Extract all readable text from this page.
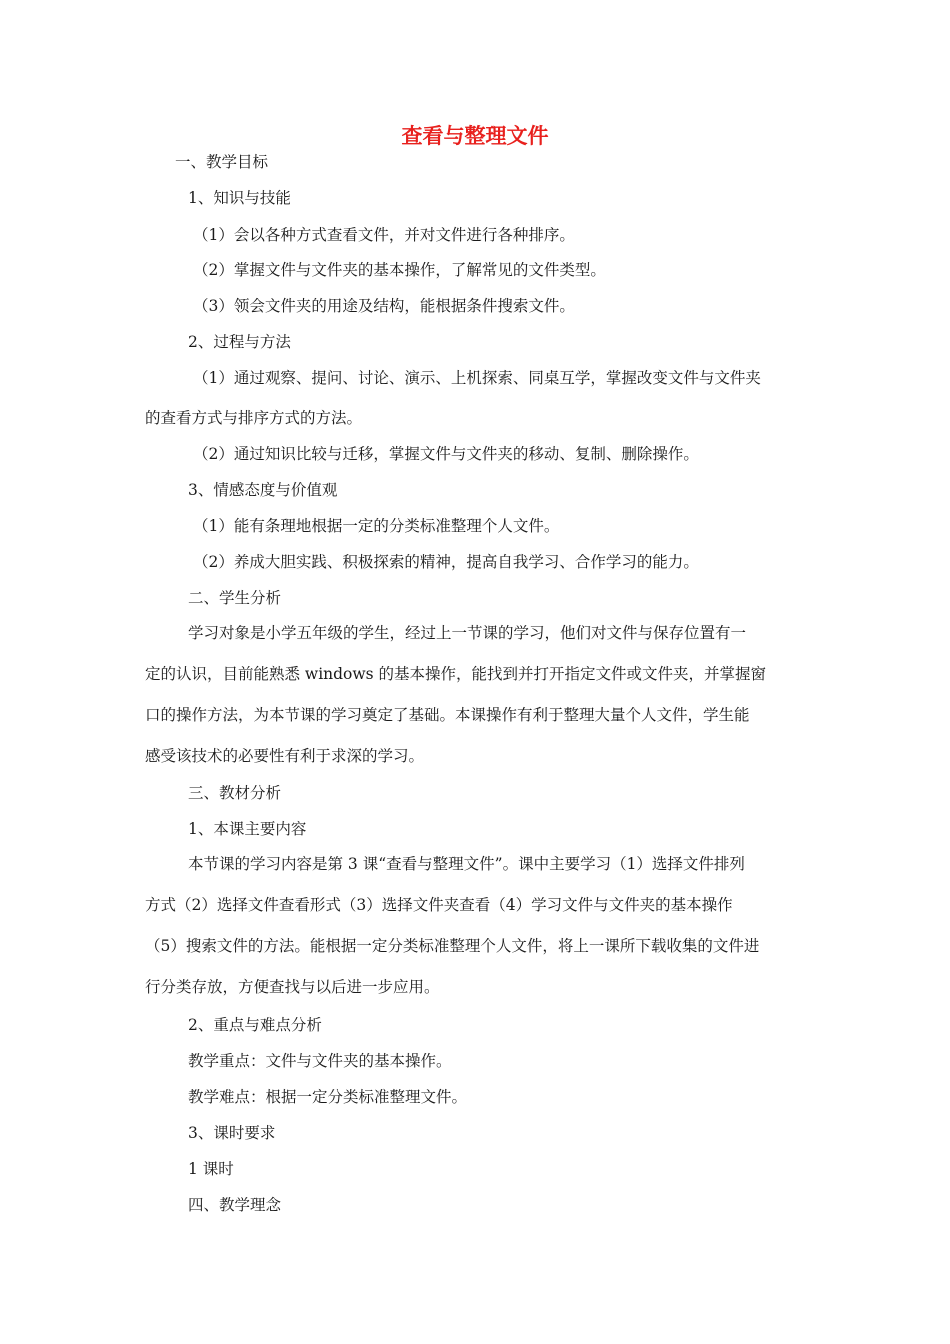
查看与整理文件
一、教学目标
1、知识与技能
（1）会以各种方式查看文件，并对文件进行各种排序。
（2）掌握文件与文件夹的基本操作，了解常见的文件类型。
（3）领会文件夹的用途及结构，能根据条件搜索文件。
2、过程与方法
（1）通过观察、提问、讨论、演示、上机探索、同桌互学，掌握改变文件与文件夹
的查看方式与排序方式的方法。
（2）通过知识比较与迁移，掌握文件与文件夹的移动、复制、删除操作。
3、情感态度与价值观
（1）能有条理地根据一定的分类标准整理个人文件。
（2）养成大胆实践、积极探索的精神，提高自我学习、合作学习的能力。
二、学生分析
学习对象是小学五年级的学生，经过上一节课的学习，他们对文件与保存位置有一
定的认识，目前能熟悉 windows 的基本操作，能找到并打开指定文件或文件夹，并掌握窗
口的操作方法，为本节课的学习奠定了基础。本课操作有利于整理大量个人文件，学生能
感受该技术的必要性有利于求深的学习。
三、教材分析
1、本课主要内容
本节课的学习内容是第 3 课“查看与整理文件”。课中主要学习（1）选择文件排列
方式（2）选择文件查看形式（3）选择文件夹查看（4）学习文件与文件夹的基本操作
（5）搜索文件的方法。能根据一定分类标准整理个人文件，将上一课所下载收集的文件进
行分类存放，方便查找与以后进一步应用。
2、重点与难点分析
教学重点：文件与文件夹的基本操作。
教学难点：根据一定分类标准整理文件。
3、课时要求
1 课时
四、教学理念
